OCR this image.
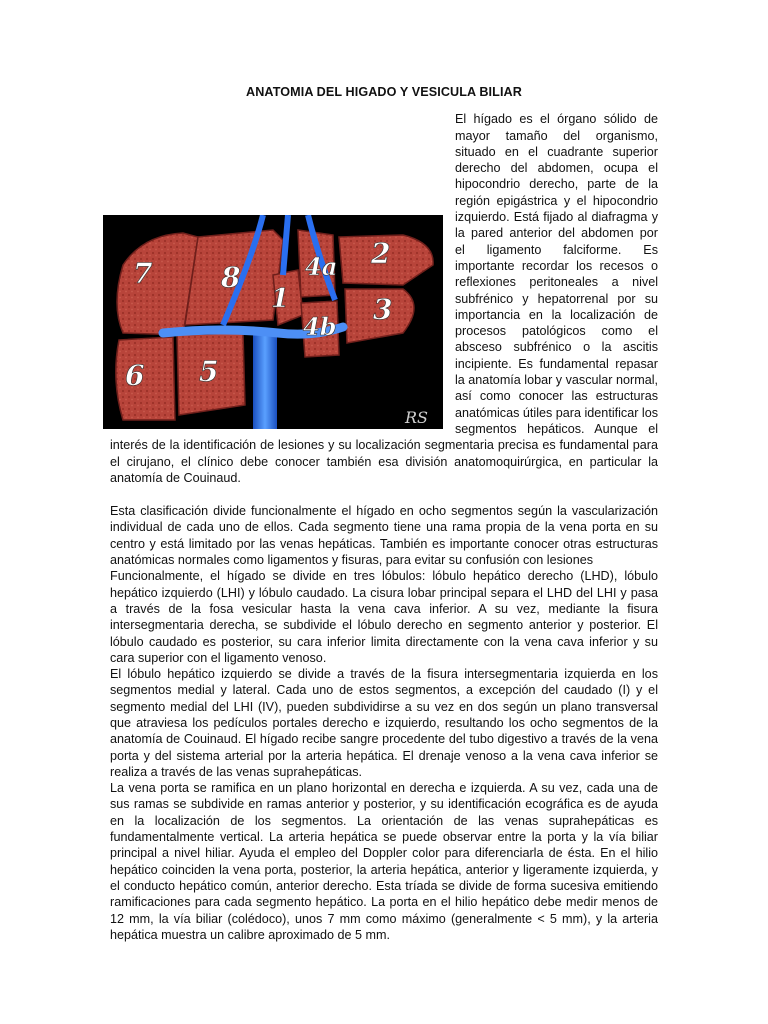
ANATOMIA DEL HIGADO Y VESICULA BILIAR

7 8
1
4a 2
3
4b
6 5
RS
El hígado es el órgano sólido de mayor tamaño del organismo, situado en el cuadrante superior derecho del abdomen, ocupa el hipocondrio derecho, parte de la región epigástrica y el hipocondrio izquierdo. Está fijado al diafragma y la pared anterior del abdomen por el ligamento falciforme. Es importante recordar los recesos o reflexiones peritoneales a nivel subfrénico y hepatorrenal por su importancia en la localización de procesos patológicos como el absceso subfrénico o la ascitis incipiente. Es fundamental repasar la anatomía lobar y vascular normal, así como conocer las estructuras anatómicas útiles para identificar los segmentos hepáticos. Aunque el interés de la identificación de lesiones y su localización segmentaria precisa es fundamental para el cirujano, el clínico debe conocer también esa división anatomoquirúrgica, en particular la anatomía de Couinaud.

Esta clasificación divide funcionalmente el hígado en ocho segmentos según la vascularización individual de cada uno de ellos. Cada segmento tiene una rama propia de la vena porta en su centro y está limitado por las venas hepáticas. También es importante conocer otras estructuras anatómicas normales como ligamentos y fisuras, para evitar su confusión con lesiones

Funcionalmente, el hígado se divide en tres lóbulos: lóbulo hepático derecho (LHD), lóbulo hepático izquierdo (LHI) y lóbulo caudado. La cisura lobar principal separa el LHD del LHI y pasa a través de la fosa vesicular hasta la vena cava inferior. A su vez, mediante la fisura intersegmentaria derecha, se subdivide el lóbulo derecho en segmento anterior y posterior. El lóbulo caudado es posterior, su cara inferior limita directamente con la vena cava inferior y su cara superior con el ligamento venoso.

El lóbulo hepático izquierdo se divide a través de la fisura intersegmentaria izquierda en los segmentos medial y lateral. Cada uno de estos segmentos, a excepción del caudado (I) y el segmento medial del LHI (IV), pueden subdividirse a su vez en dos según un plano transversal que atraviesa los pedículos portales derecho e izquierdo, resultando los ocho segmentos de la anatomía de Couinaud. El hígado recibe sangre procedente del tubo digestivo a través de la vena porta y del sistema arterial por la arteria hepática. El drenaje venoso a la vena cava inferior se realiza a través de las venas suprahepáticas.

La vena porta se ramifica en un plano horizontal en derecha e izquierda. A su vez, cada una de sus ramas se subdivide en ramas anterior y posterior, y su identificación ecográfica es de ayuda en la localización de los segmentos. La orientación de las venas suprahepáticas es fundamentalmente vertical. La arteria hepática se puede observar entre la porta y la vía biliar principal a nivel hiliar. Ayuda el empleo del Doppler color para diferenciarla de ésta. En el hilio hepático coinciden la vena porta, posterior, la arteria hepática, anterior y ligeramente izquierda, y el conducto hepático común, anterior derecho. Esta tríada se divide de forma sucesiva emitiendo ramificaciones para cada segmento hepático. La porta en el hilio hepático debe medir menos de 12 mm, la vía biliar (colédoco), unos 7 mm como máximo (generalmente < 5 mm), y la arteria hepática muestra un calibre aproximado de 5 mm.
